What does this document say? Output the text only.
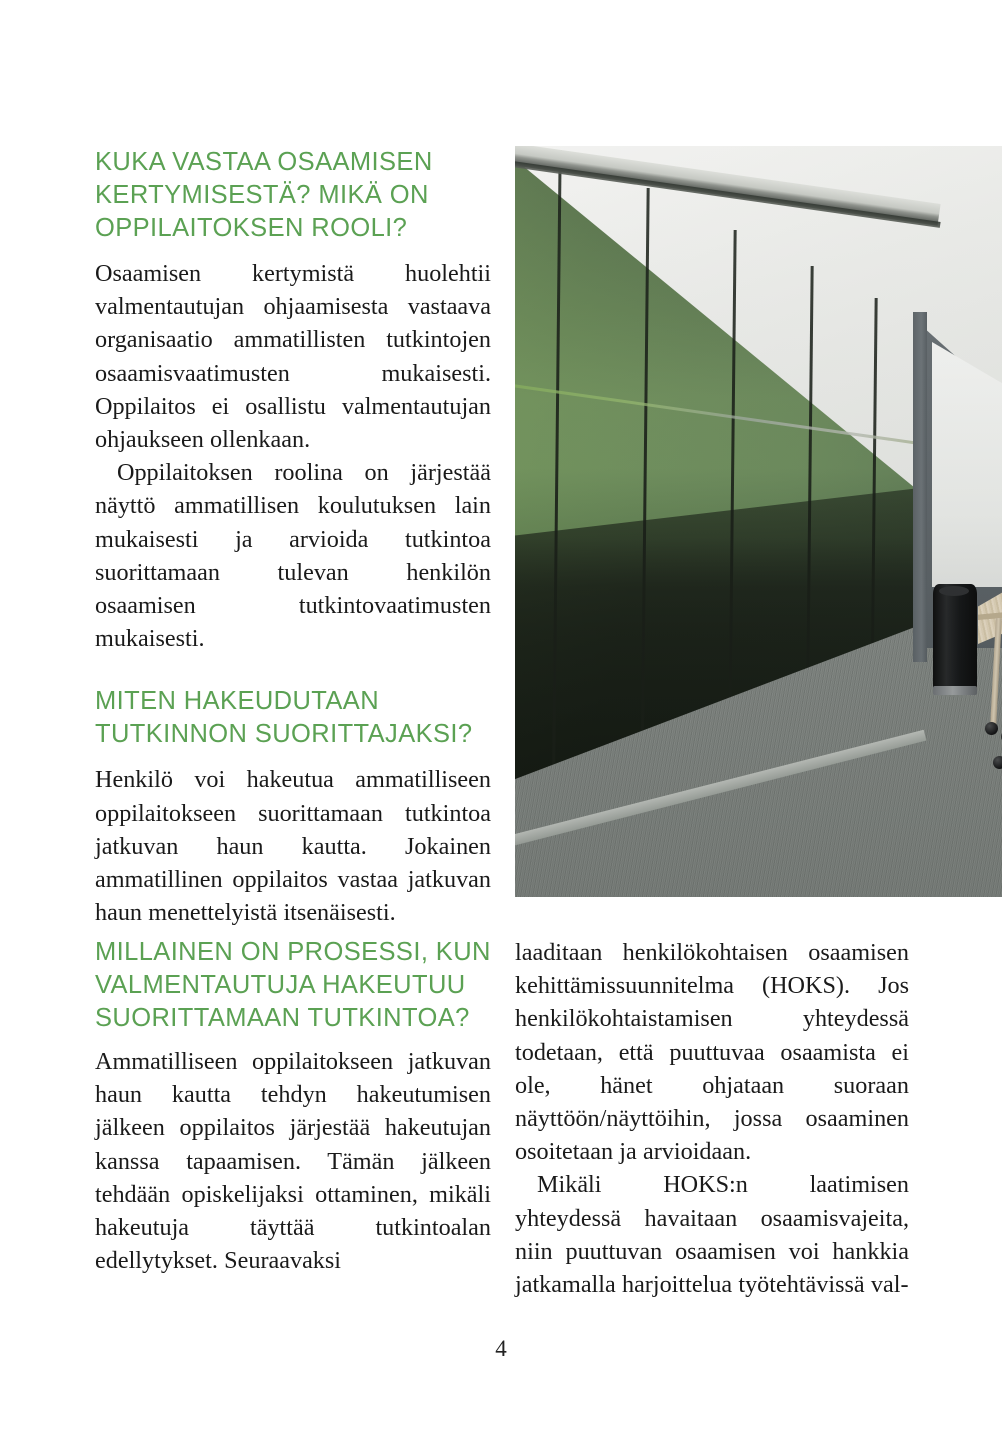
KUKA VASTAA OSAAMISEN KERTYMISESTÄ? MIKÄ ON OPPILAITOKSEN ROOLI?

Osaamisen kertymistä huolehtii valmentautujan ohjaamisesta vastaava organisaatio ammatillisten tutkintojen osaamisvaatimusten mukaisesti. Oppilaitos ei osallistu valmentautujan ohjaukseen ollenkaan.

Oppilaitoksen roolina on järjestää näyttö ammatillisen koulutuksen lain mukaisesti ja arvioida tutkintoa suorittamaan tulevan henkilön osaamisen tutkintovaatimusten mukaisesti.

MITEN HAKEUDUTAAN TUTKINNON SUORITTAJAKSI?

Henkilö voi hakeutua ammatilliseen oppilaitokseen suorittamaan tutkintoa jatkuvan haun kautta. Jokainen ammatillinen oppilaitos vastaa jatkuvan haun menettelyistä itsenäisesti.

MILLAINEN ON PROSESSI, KUN VALMENTAUTUJA HAKEUTUU SUORITTAMAAN TUTKINTOA?

Ammatilliseen oppilaitokseen jatkuvan haun kautta tehdyn hakeutumisen jälkeen oppilaitos järjestää hakeutujan kanssa tapaamisen. Tämän jälkeen tehdään opiskelijaksi ottaminen, mikäli hakeutuja täyttää tutkintoalan edellytykset. Seuraavaksi

laaditaan henkilökohtaisen osaamisen kehittämissuunnitelma (HOKS). Jos henkilökohtaistamisen yhteydessä todetaan, että puuttuvaa osaamista ei ole, hänet ohjataan suoraan näyttöön/näyttöihin, jossa osaaminen osoitetaan ja arvioidaan.

Mikäli HOKS:n laatimisen yhteydessä havaitaan osaamisvajeita, niin puuttuvan osaamisen voi hankkia jatkamalla harjoittelua työtehtävissä val-

4
